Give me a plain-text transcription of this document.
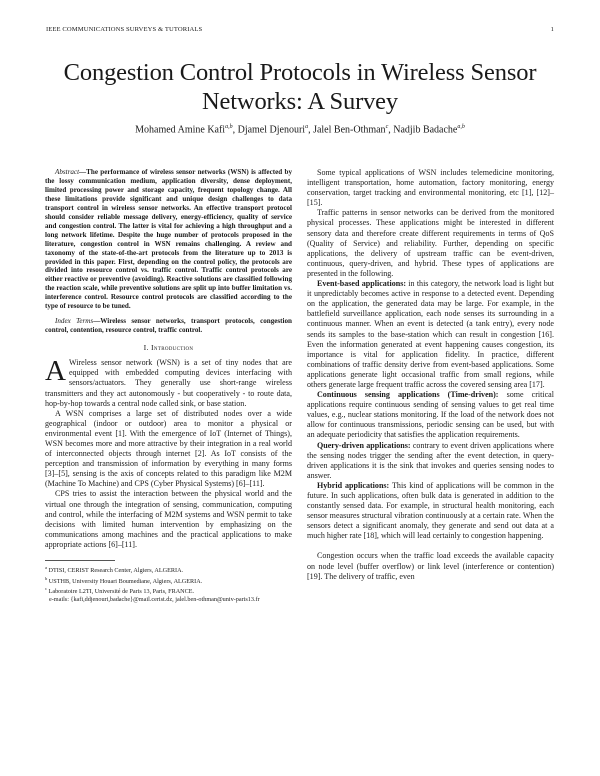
IEEE COMMUNICATIONS SURVEYS & TUTORIALS	1
Congestion Control Protocols in Wireless Sensor Networks: A Survey
Mohamed Amine Kafi$^{a,b}$, Djamel Djenouri$^a$, Jalel Ben-Othman$^c$, Nadjib Badache$^{a,b}$

Abstract—The performance of wireless sensor networks (WSN) is affected by the lossy communication medium, application diversity, dense deployment, limited processing power and storage capacity, frequent topology change. All these limitations provide significant and unique design challenges to data transport control in wireless sensor networks. An effective transport protocol should consider reliable message delivery, energy-efficiency, quality of service and congestion control. The latter is vital for achieving a high throughput and a long network lifetime. Despite the huge number of protocols proposed in the literature, congestion control in WSN remains challenging. A review and taxonomy of the state-of-the-art protocols from the literature up to 2013 is provided in this paper. First, depending on the control policy, the protocols are divided into resource control vs. traffic control. Traffic control protocols are either reactive or preventive (avoiding). Reactive solutions are classified following the reaction scale, while preventive solutions are split up into buffer limitation vs. interference control. Resource control protocols are classified according to the type of resource to be tuned.

Index Terms—Wireless sensor networks, transport protocols, congestion control, contention, resource control, traffic control.

I. Introduction

A Wireless sensor network (WSN) is a set of tiny nodes that are equipped with embedded computing devices interfacing with sensors/actuators. They generally use short-range wireless transmitters and they act autonomously - but cooperatively - to route data, hop-by-hop towards a central node called sink, or base station.

A WSN comprises a large set of distributed nodes over a wide geographical (indoor or outdoor) area to monitor a physical or environmental event [1]. With the emergence of IoT (Internet of Things), WSN becomes more and more attractive by their integration in a real world of interconnected objects through internet [2]. As IoT consists of the perception and transmission of information by everything in many forms [3]–[5], sensing is the axis of concepts related to this paradigm like M2M (Machine To Machine) and CPS (Cyber Physical Systems) [6]–[11].

CPS tries to assist the interaction between the physical world and the virtual one through the integration of sensing, communication, computing and control, while the interfacing of M2M systems and WSN permit to take decisions with limited human intervention by emphasizing on the communications among machines and the practical applications to make appropriate actions [6]–[11].

$^a$ DTISI, CERIST Research Center, Algiers, ALGERIA.

$^b$ USTHB, University Houari Boumediane, Algiers, ALGERIA.

$^c$ Laboratoire L2TI, Université de Paris 13, Paris, FRANCE.

e-mails: {kafi,ddjenouri,badache}@mail.cerist.dz, jalel.ben-othman@univ-paris13.fr

Some typical applications of WSN includes telemedicine monitoring, intelligent transportation, home automation, factory monitoring, energy conservation, target tracking and environmental monitoring, etc [1], [12]–[15].

Traffic patterns in sensor networks can be derived from the monitored physical processes. These applications might be interested in different sensory data and therefore create different requirements in terms of QoS (Quality of Service) and reliability. Further, depending on specific applications, the delivery of upstream traffic can be event-driven, continuous, query-driven, and hybrid. These types of applications are presented in the following.

Event-based applications: in this category, the network load is light but it unpredictably becomes active in response to a detected event. Depending on the application, the generated data may be large. For example, in the battlefield surveillance application, each node senses its surrounding in a continuous manner. When an event is detected (a tank entry), every node sends its samples to the base-station which can result in congestion [16]. Even the information generated at event happening causes congestion, its importance is vital for application fidelity. In practice, different combinations of traffic density derive from event-based applications. Some applications generate light occasional traffic from small regions, while others generate large frequent traffic across the covered sensing area [17].

Continuous sensing applications (Time-driven): some critical applications require continuous sending of sensing values to get real time values, e.g., nuclear stations monitoring. If the load of the network does not allow for continuous transmissions, periodic sensing can be used, but with an adequate periodicity that satisfies the application requirements.

Query-driven applications: contrary to event driven applications where the sensing nodes trigger the sending after the event detection, in query-driven applications it is the sink that invokes and queries sensing nodes to answer.

Hybrid applications: This kind of applications will be common in the future. In such applications, often bulk data is generated in addition to the constantly sensed data. For example, in structural health monitoring, each sensor measures structural vibration continuously at a certain rate. When the sensors detect a significant anomaly, they generate and send out data at a much higher rate [18], which will lead certainly to congestion happening.

Congestion occurs when the traffic load exceeds the available capacity on node level (buffer overflow) or link level (interference or contention) [19]. The delivery of traffic, even
